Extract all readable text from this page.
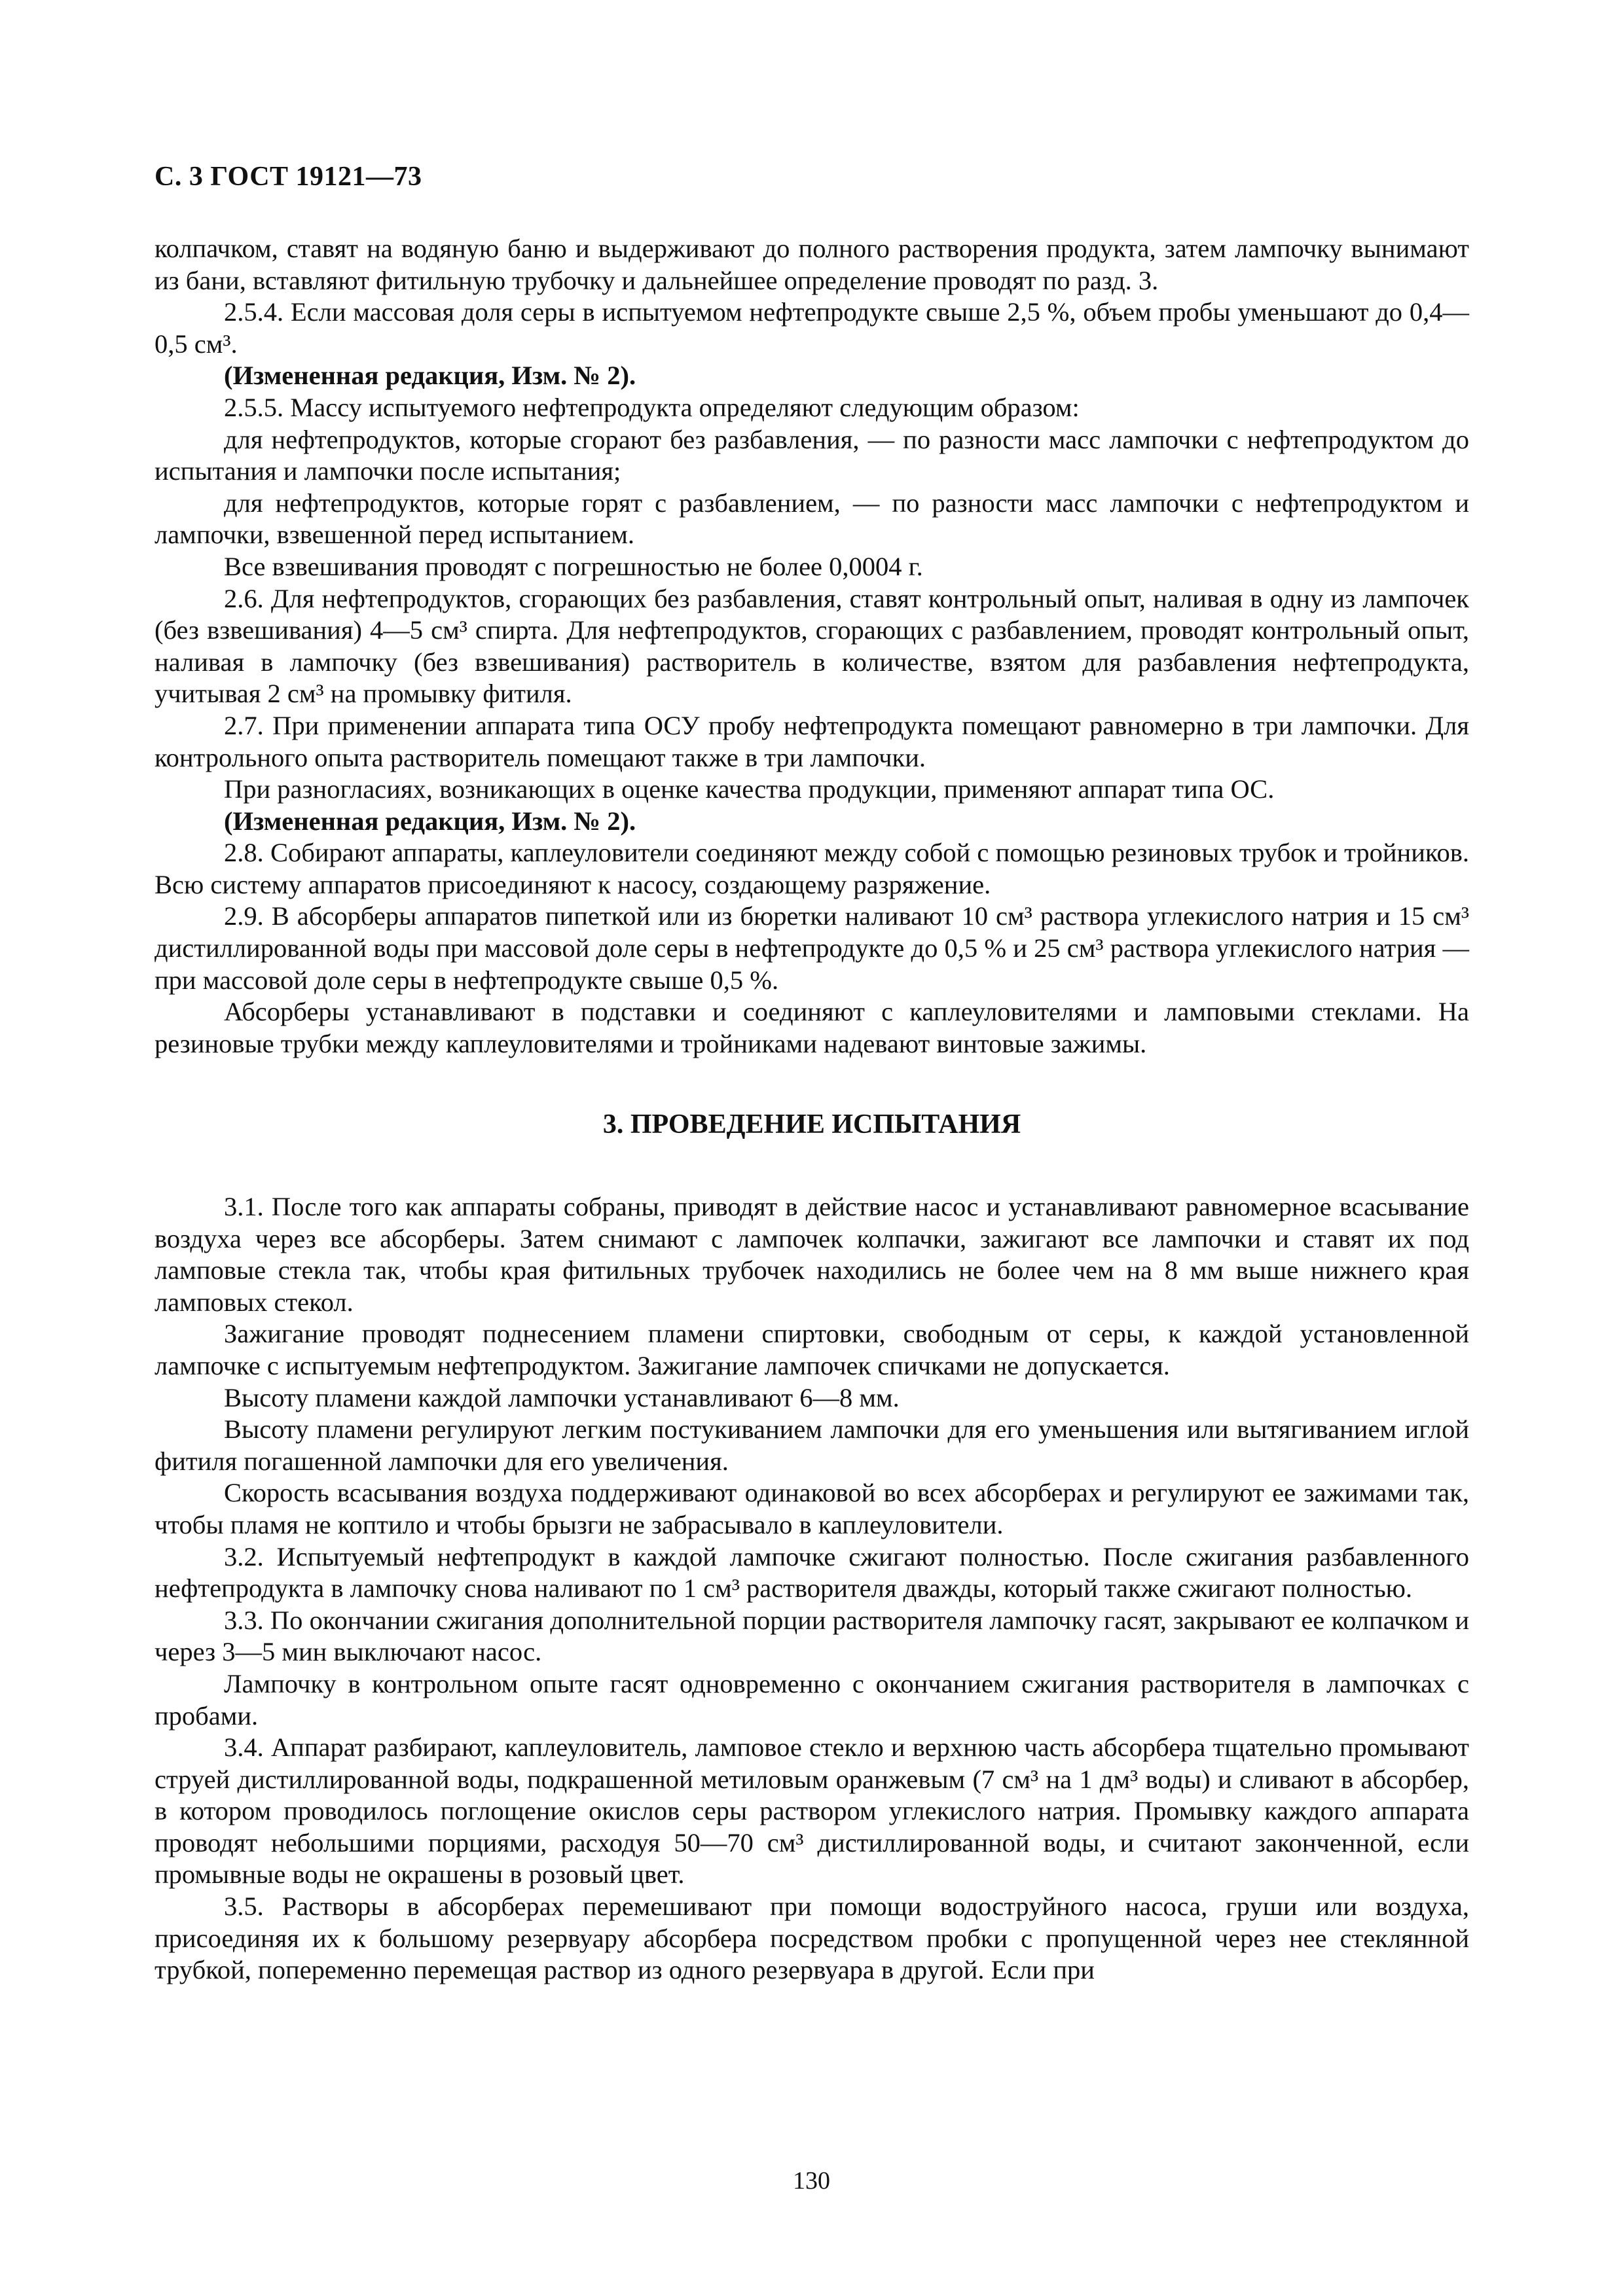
С. 3 ГОСТ 19121—73

колпачком, ставят на водяную баню и выдерживают до полного растворения продукта, затем лампочку вынимают из бани, вставляют фитильную трубочку и дальнейшее определение проводят по разд. 3.

2.5.4. Если массовая доля серы в испытуемом нефтепродукте свыше 2,5 %, объем пробы уменьшают до 0,4—0,5 см³.

(Измененная редакция, Изм. № 2).

2.5.5. Массу испытуемого нефтепродукта определяют следующим образом:

для нефтепродуктов, которые сгорают без разбавления, — по разности масс лампочки с нефтепродуктом до испытания и лампочки после испытания;

для нефтепродуктов, которые горят с разбавлением, — по разности масс лампочки с нефтепродуктом и лампочки, взвешенной перед испытанием.

Все взвешивания проводят с погрешностью не более 0,0004 г.

2.6. Для нефтепродуктов, сгорающих без разбавления, ставят контрольный опыт, наливая в одну из лампочек (без взвешивания) 4—5 см³ спирта. Для нефтепродуктов, сгорающих с разбавлением, проводят контрольный опыт, наливая в лампочку (без взвешивания) растворитель в количестве, взятом для разбавления нефтепродукта, учитывая 2 см³ на промывку фитиля.

2.7. При применении аппарата типа ОСУ пробу нефтепродукта помещают равномерно в три лампочки. Для контрольного опыта растворитель помещают также в три лампочки.

При разногласиях, возникающих в оценке качества продукции, применяют аппарат типа ОС.

(Измененная редакция, Изм. № 2).

2.8. Собирают аппараты, каплеуловители соединяют между собой с помощью резиновых трубок и тройников. Всю систему аппаратов присоединяют к насосу, создающему разряжение.

2.9. В абсорберы аппаратов пипеткой или из бюретки наливают 10 см³ раствора углекислого натрия и 15 см³ дистиллированной воды при массовой доле серы в нефтепродукте до 0,5 % и 25 см³ раствора углекислого натрия — при массовой доле серы в нефтепродукте свыше 0,5 %.

Абсорберы устанавливают в подставки и соединяют с каплеуловителями и ламповыми стеклами. На резиновые трубки между каплеуловителями и тройниками надевают винтовые зажимы.

3. ПРОВЕДЕНИЕ ИСПЫТАНИЯ

3.1. После того как аппараты собраны, приводят в действие насос и устанавливают равномерное всасывание воздуха через все абсорберы. Затем снимают с лампочек колпачки, зажигают все лампочки и ставят их под ламповые стекла так, чтобы края фитильных трубочек находились не более чем на 8 мм выше нижнего края ламповых стекол.

Зажигание проводят поднесением пламени спиртовки, свободным от серы, к каждой установленной лампочке с испытуемым нефтепродуктом. Зажигание лампочек спичками не допускается.

Высоту пламени каждой лампочки устанавливают 6—8 мм.

Высоту пламени регулируют легким постукиванием лампочки для его уменьшения или вытягиванием иглой фитиля погашенной лампочки для его увеличения.

Скорость всасывания воздуха поддерживают одинаковой во всех абсорберах и регулируют ее зажимами так, чтобы пламя не коптило и чтобы брызги не забрасывало в каплеуловители.

3.2. Испытуемый нефтепродукт в каждой лампочке сжигают полностью. После сжигания разбавленного нефтепродукта в лампочку снова наливают по 1 см³ растворителя дважды, который также сжигают полностью.

3.3. По окончании сжигания дополнительной порции растворителя лампочку гасят, закрывают ее колпачком и через 3—5 мин выключают насос.

Лампочку в контрольном опыте гасят одновременно с окончанием сжигания растворителя в лампочках с пробами.

3.4. Аппарат разбирают, каплеуловитель, ламповое стекло и верхнюю часть абсорбера тщательно промывают струей дистиллированной воды, подкрашенной метиловым оранжевым (7 см³ на 1 дм³ воды) и сливают в абсорбер, в котором проводилось поглощение окислов серы раствором углекислого натрия. Промывку каждого аппарата проводят небольшими порциями, расходуя 50—70 см³ дистиллированной воды, и считают законченной, если промывные воды не окрашены в розовый цвет.

3.5. Растворы в абсорберах перемешивают при помощи водоструйного насоса, груши или воздуха, присоединяя их к большому резервуару абсорбера посредством пробки с пропущенной через нее стеклянной трубкой, попеременно перемещая раствор из одного резервуара в другой. Если при

130
